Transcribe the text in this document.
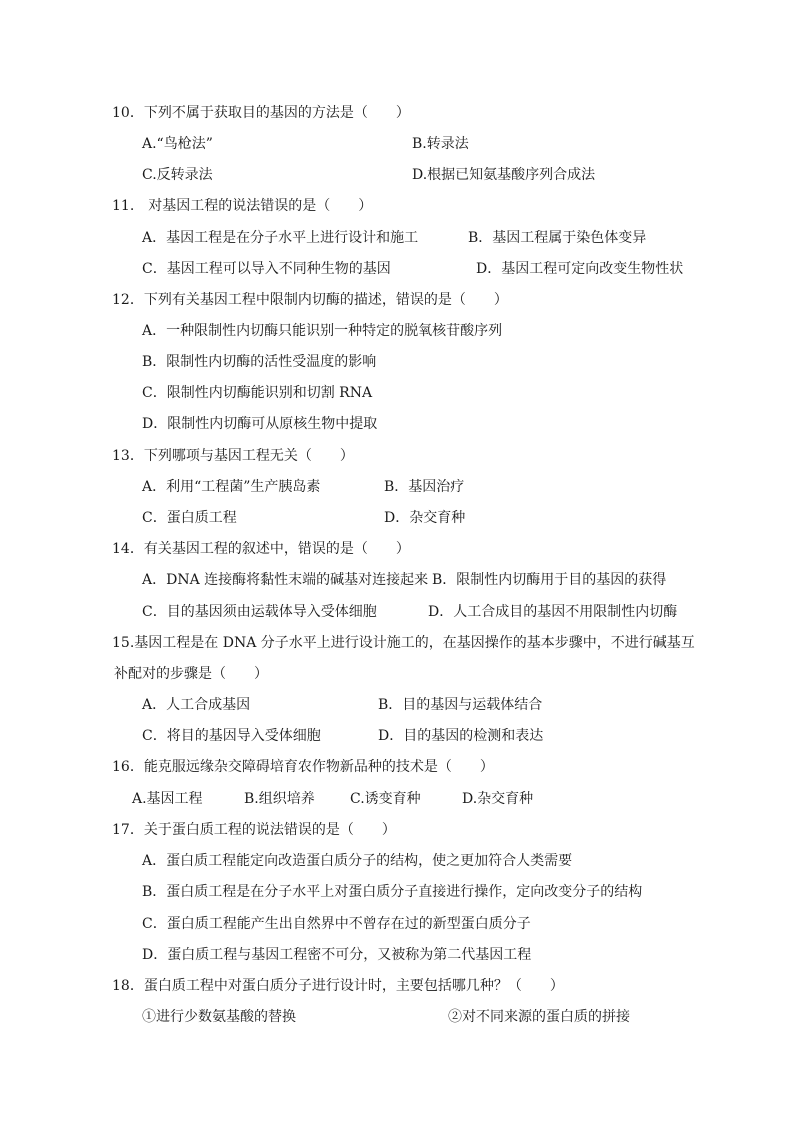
10．下列不属于获取目的基因的方法是（　　）
A.“鸟枪法”	B.转录法
C.反转录法	D.根据已知氨基酸序列合成法
11.　对基因工程的说法错误的是（　　）
A．基因工程是在分子水平上进行设计和施工	B．基因工程属于染色体变异
C．基因工程可以导入不同种生物的基因	D．基因工程可定向改变生物性状
12．下列有关基因工程中限制内切酶的描述，错误的是（　　）
A．一种限制性内切酶只能识别一种特定的脱氧核苷酸序列
B．限制性内切酶的活性受温度的影响
C．限制性内切酶能识别和切割 RNA
D．限制性内切酶可从原核生物中提取
13．下列哪项与基因工程无关（　　）
A．利用“工程菌”生产胰岛素	B．基因治疗
C．蛋白质工程	D．杂交育种
14．有关基因工程的叙述中，错误的是（　　）
A．DNA 连接酶将黏性末端的碱基对连接起来 B．限制性内切酶用于目的基因的获得
C．目的基因须由运载体导入受体细胞	D．人工合成目的基因不用限制性内切酶
15.基因工程是在 DNA 分子水平上进行设计施工的，在基因操作的基本步骤中，不进行碱基互
补配对的步骤是（　　）
A．人工合成基因	B．目的基因与运载体结合
C．将目的基因导入受体细胞	D．目的基因的检测和表达
16．能克服远缘杂交障碍培育农作物新品种的技术是（　　）
A.基因工程	B.组织培养	C.诱变育种	D.杂交育种
17．关于蛋白质工程的说法错误的是（　　）
A．蛋白质工程能定向改造蛋白质分子的结构，使之更加符合人类需要
B．蛋白质工程是在分子水平上对蛋白质分子直接进行操作，定向改变分子的结构
C．蛋白质工程能产生出自然界中不曾存在过的新型蛋白质分子
D．蛋白质工程与基因工程密不可分，又被称为第二代基因工程
18．蛋白质工程中对蛋白质分子进行设计时，主要包括哪几种？（　　）
①进行少数氨基酸的替换	②对不同来源的蛋白质的拼接
